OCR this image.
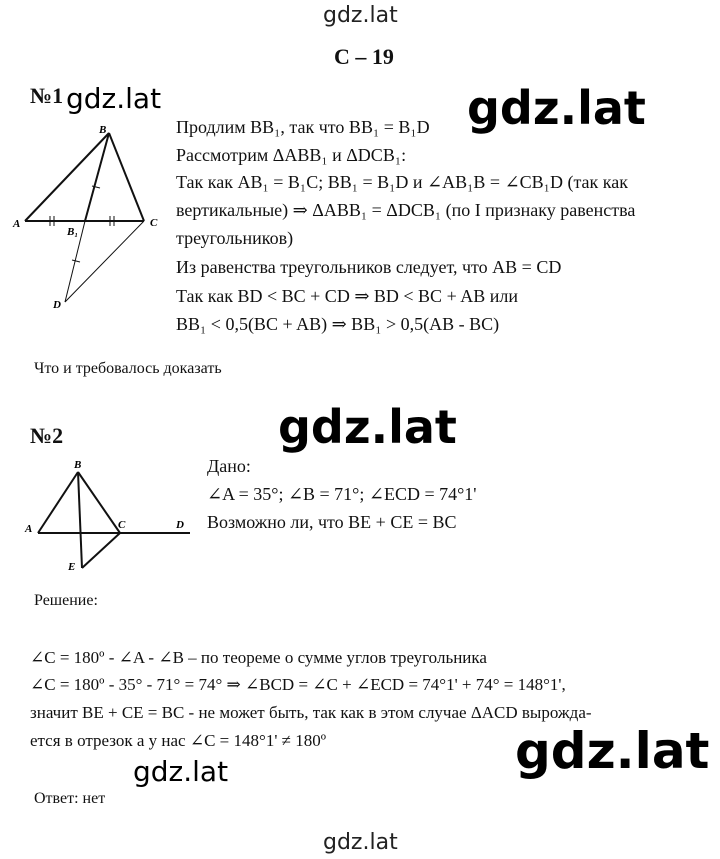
gdz.lat
gdz.lat	gdz.lat
gdz.lat
gdz.lat
gdz.lat
gdz.lat
С – 19
№1
B
A	C
B₁
D
Продлим BB₁, так что BB₁ = B₁D
Рассмотрим ΔABB₁ и ΔDCB₁:
Так как AB₁ = B₁C; BB₁ = B₁D и ∠AB₁B = ∠CB₁D (так как
вертикальные) ⇒ ΔABB₁ = ΔDCB₁ (по I признаку равенства
треугольников)
Из равенства треугольников следует, что AB = CD
Так как BD < BC + CD ⇒ BD < BC + AB или
BB₁ < 0,5(BC + AB) ⇒ BB₁ > 0,5(AB - BC)
Что и требовалось доказать
№2
B
A	C	D
E
Дано:
∠A = 35°; ∠B = 71°; ∠ECD = 74°1'
Возможно ли, что BE + CE = BC
Решение:
∠C = 180º - ∠A - ∠B – по теореме о сумме углов треугольника
∠C = 180º - 35° - 71° = 74° ⇒ ∠BCD = ∠C + ∠ECD = 74°1' + 74° = 148°1',
значит BE + CE = BC - не может быть, так как в этом случае ΔACD вырожда-
ется в отрезок а у нас ∠C = 148°1' ≠ 180º
Ответ: нет
